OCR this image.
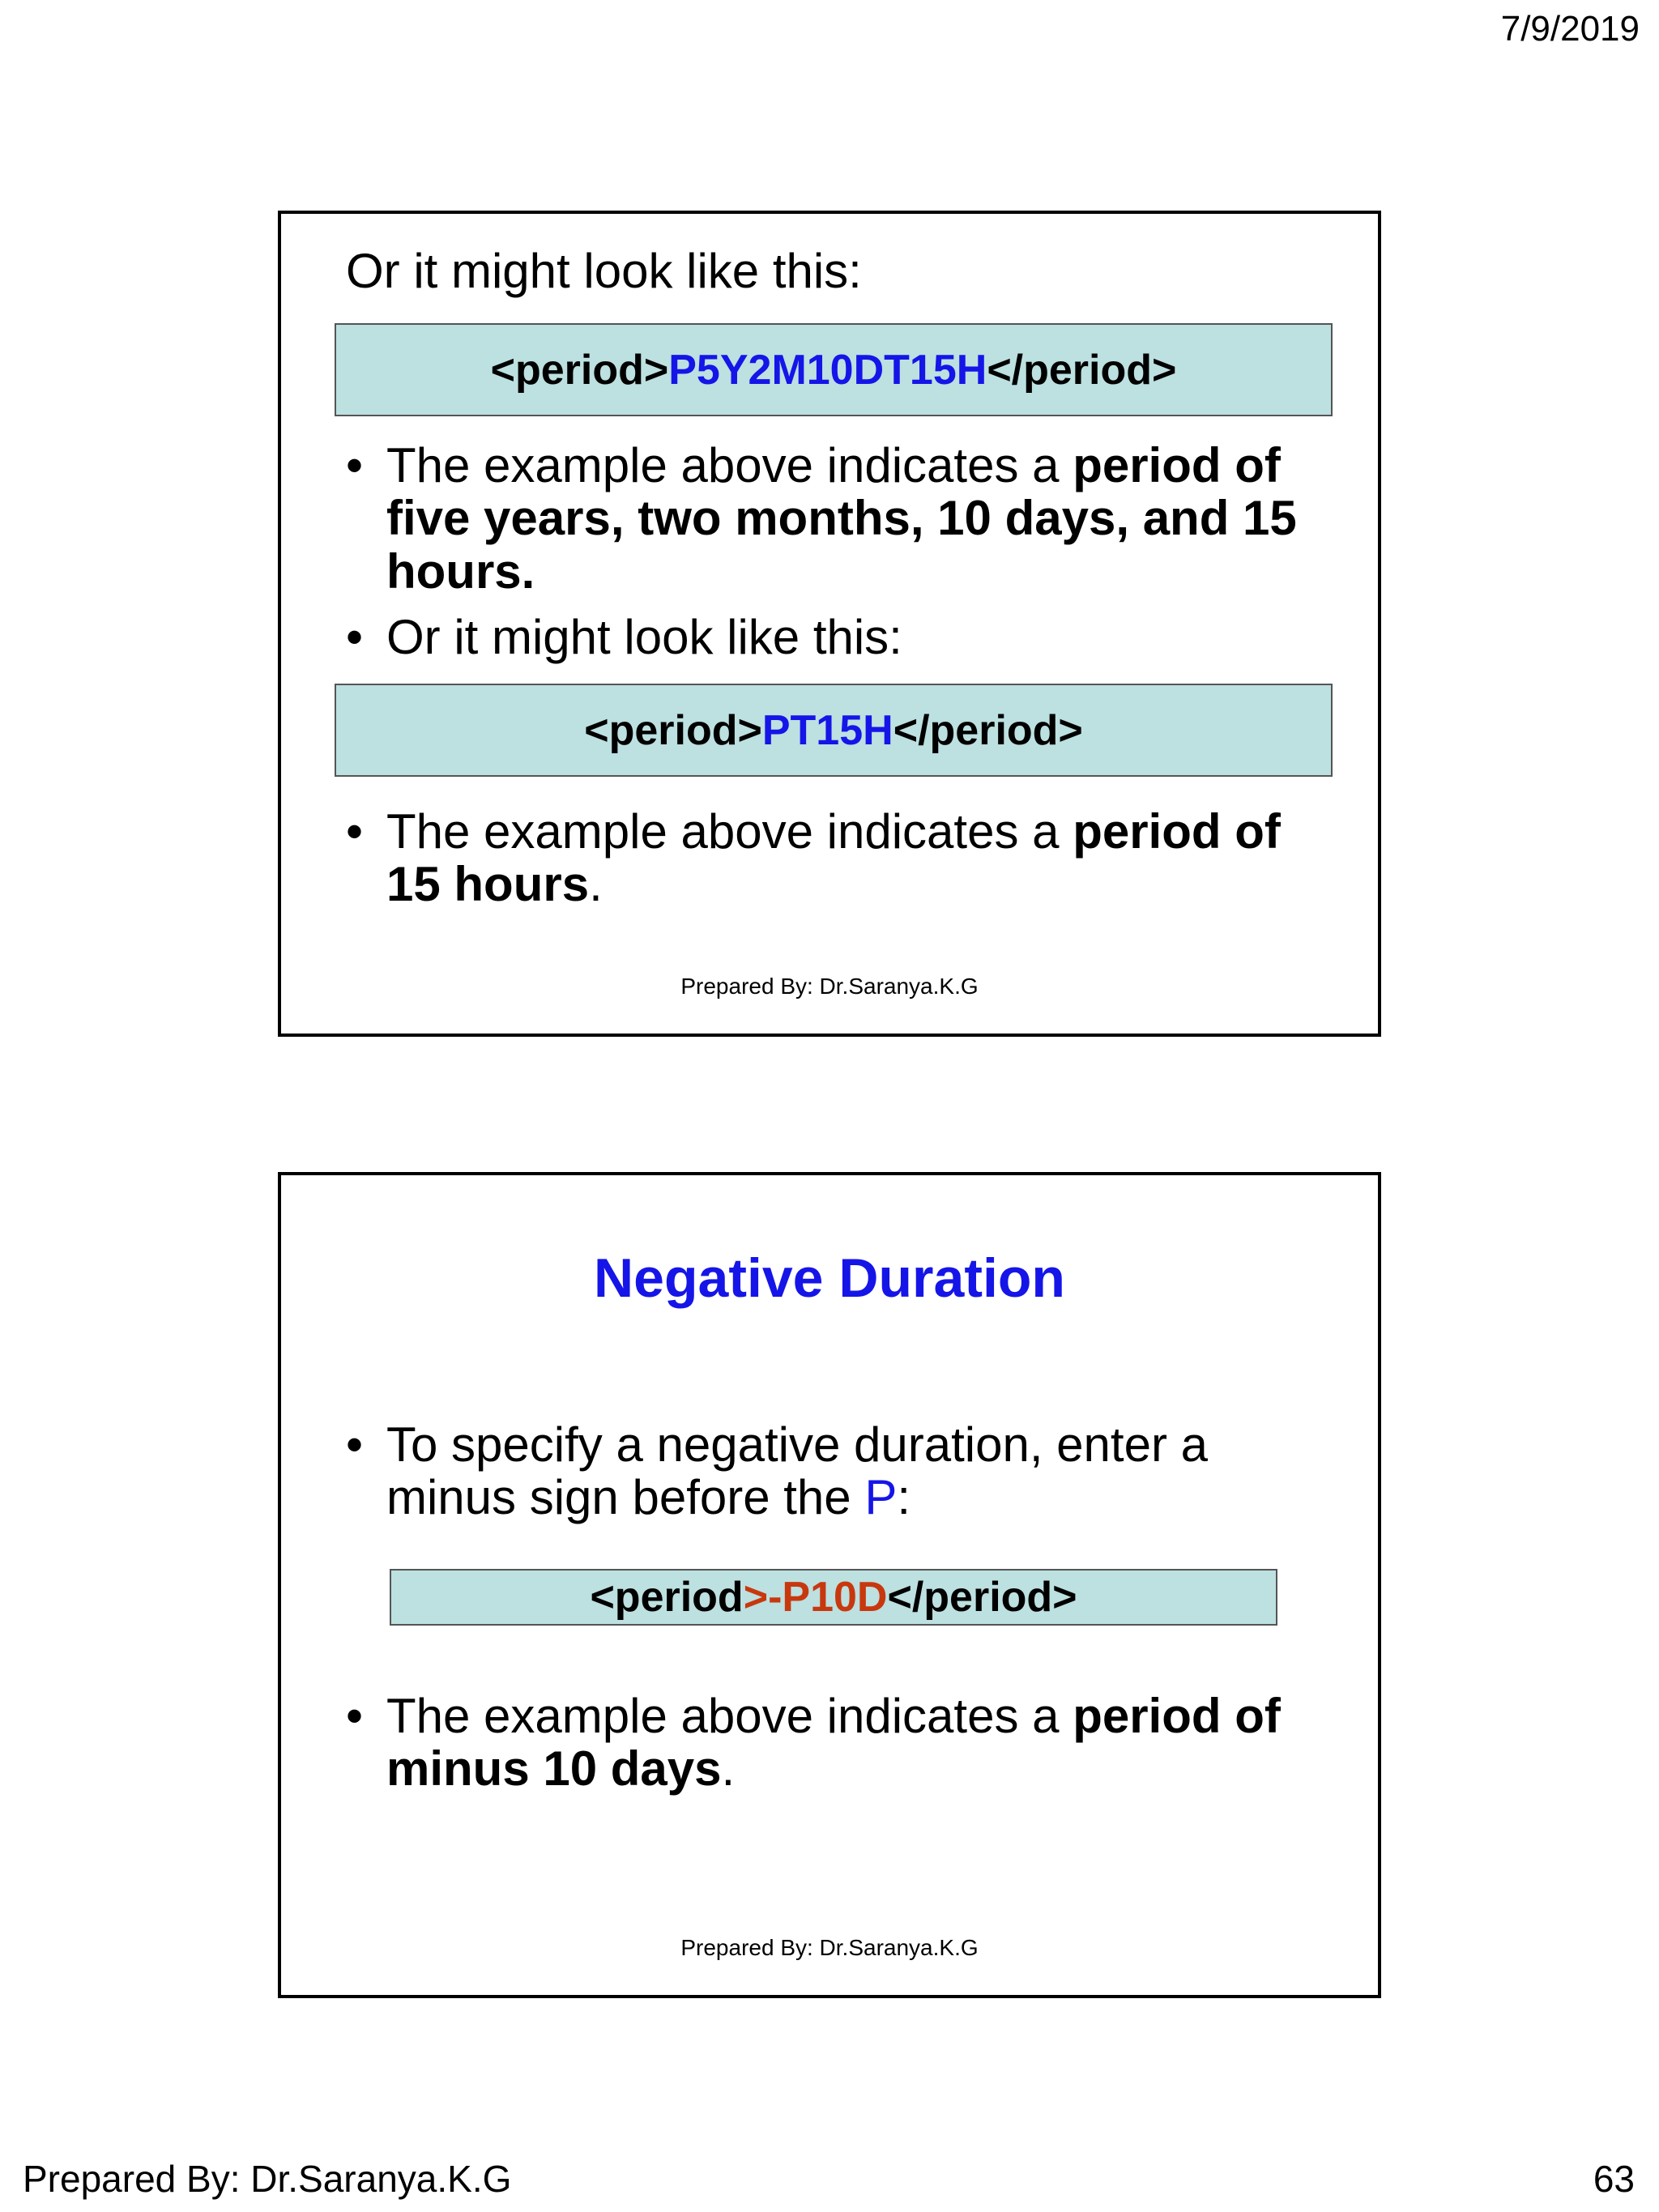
7/9/2019
Or it might look like this:
<period> P5Y2M10DT15H </period>
• The example above indicates a period of
five years, two months, 10 days, and 15
hours.
• Or it might look like this:
<period> PT15H </period>
• The example above indicates a period of
15 hours.
Prepared By: Dr.Saranya.K.G
Negative Duration
• To specify a negative duration, enter a
minus sign before the P:
<period >-P10D </period>
• The example above indicates a period of
minus 10 days.
Prepared By: Dr.Saranya.K.G
Prepared By: Dr.Saranya.K.G	63
